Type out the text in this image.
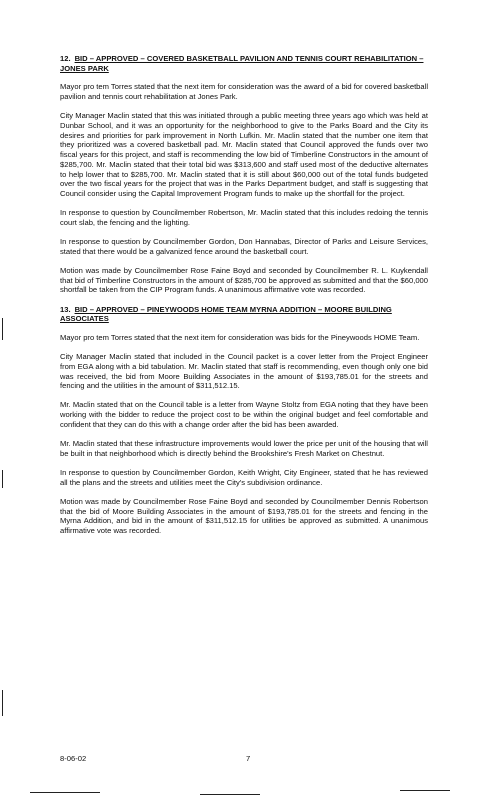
12. BID – APPROVED – COVERED BASKETBALL PAVILION AND TENNIS COURT REHABILITATION – JONES PARK

Mayor pro tem Torres stated that the next item for consideration was the award of a bid for covered basketball pavilion and tennis court rehabilitation at Jones Park.

City Manager Maclin stated that this was initiated through a public meeting three years ago which was held at Dunbar School, and it was an opportunity for the neighborhood to give to the Parks Board and the City its desires and priorities for park improvement in North Lufkin. Mr. Maclin stated that the number one item that they prioritized was a covered basketball pad. Mr. Maclin stated that Council approved the funds over two fiscal years for this project, and staff is recommending the low bid of Timberline Constructors in the amount of $285,700. Mr. Maclin stated that their total bid was $313,600 and staff used most of the deductive alternates to help lower that to $285,700. Mr. Maclin stated that it is still about $60,000 out of the total funds budgeted over the two fiscal years for the project that was in the Parks Department budget, and staff is suggesting that Council consider using the Capital Improvement Program funds to make up the shortfall for the project.

In response to question by Councilmember Robertson, Mr. Maclin stated that this includes redoing the tennis court slab, the fencing and the lighting.

In response to question by Councilmember Gordon, Don Hannabas, Director of Parks and Leisure Services, stated that there would be a galvanized fence around the basketball court.

Motion was made by Councilmember Rose Faine Boyd and seconded by Councilmember R. L. Kuykendall that bid of Timberline Constructors in the amount of $285,700 be approved as submitted and that the $60,000 shortfall be taken from the CIP Program funds. A unanimous affirmative vote was recorded.

13. BID – APPROVED – PINEYWOODS HOME TEAM MYRNA ADDITION – MOORE BUILDING ASSOCIATES

Mayor pro tem Torres stated that the next item for consideration was bids for the Pineywoods HOME Team.

City Manager Maclin stated that included in the Council packet is a cover letter from the Project Engineer from EGA along with a bid tabulation. Mr. Maclin stated that staff is recommending, even though only one bid was received, the bid from Moore Building Associates in the amount of $193,785.01 for the streets and fencing and the utilities in the amount of $311,512.15.

Mr. Maclin stated that on the Council table is a letter from Wayne Stoltz from EGA noting that they have been working with the bidder to reduce the project cost to be within the original budget and feel comfortable and confident that they can do this with a change order after the bid has been awarded.

Mr. Maclin stated that these infrastructure improvements would lower the price per unit of the housing that will be built in that neighborhood which is directly behind the Brookshire's Fresh Market on Chestnut.

In response to question by Councilmember Gordon, Keith Wright, City Engineer, stated that he has reviewed all the plans and the streets and utilities meet the City's subdivision ordinance.

Motion was made by Councilmember Rose Faine Boyd and seconded by Councilmember Dennis Robertson that the bid of Moore Building Associates in the amount of $193,785.01 for the streets and fencing in the Myrna Addition, and bid in the amount of $311,512.15 for utilities be approved as submitted. A unanimous affirmative vote was recorded.

8-06-02	7
